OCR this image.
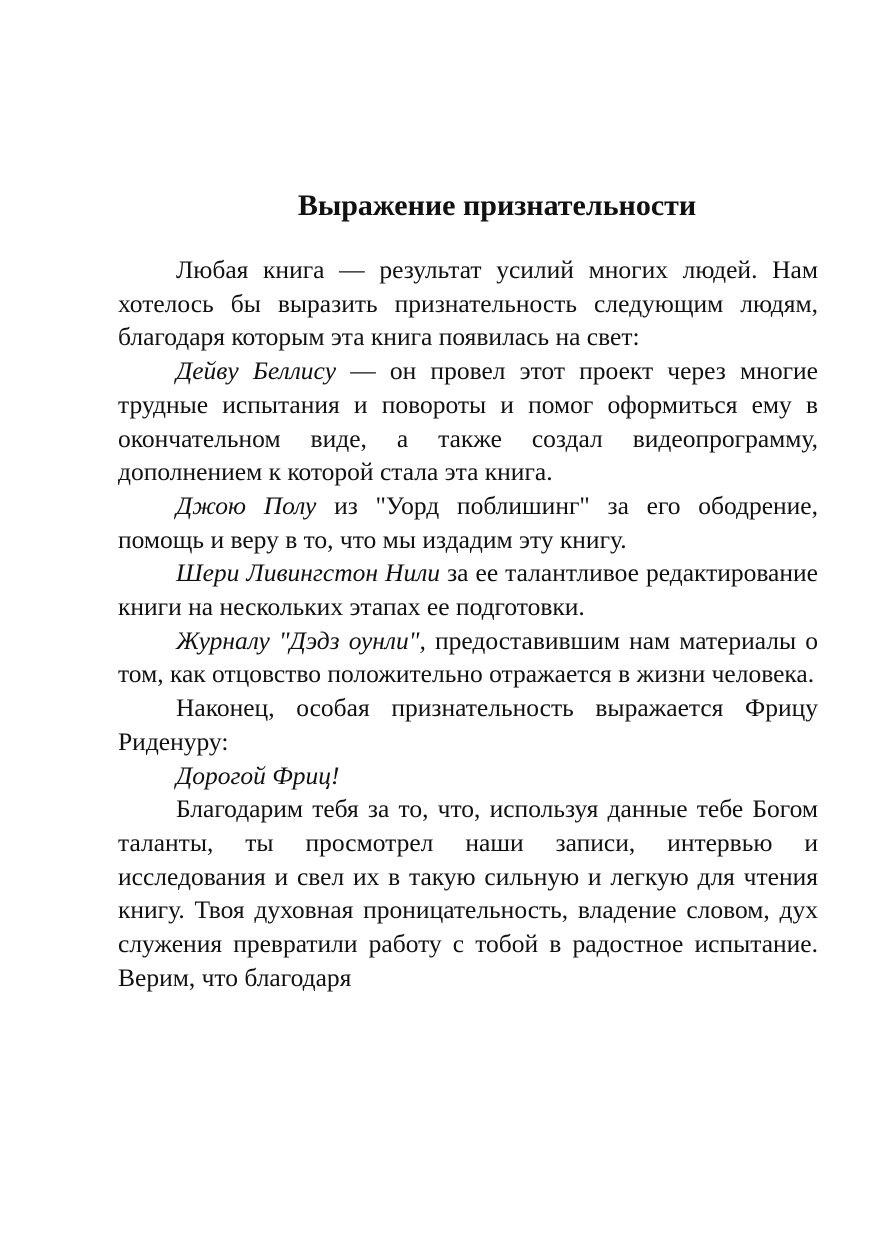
Выражение признательности

Любая книга — результат усилий многих людей. Нам хотелось бы выразить признательность следующим людям, благодаря которым эта книга появилась на свет:

Дейву Беллису — он провел этот проект через многие трудные испытания и повороты и помог оформиться ему в окончательном виде, а также создал видеопрограмму, дополнением к которой стала эта книга.

Джою Полу из "Уорд поблишинг" за его ободрение, помощь и веру в то, что мы издадим эту книгу.

Шери Ливингстон Нили за ее талантливое редактирование книги на нескольких этапах ее подготовки.

Журналу "Дэдз оунли", предоставившим нам материалы о том, как отцовство положительно отражается в жизни человека.

Наконец, особая признательность выражается Фрицу Риденуру:

Дорогой Фриц!

Благодарим тебя за то, что, используя данные тебе Богом таланты, ты просмотрел наши записи, интервью и исследования и свел их в такую сильную и легкую для чтения книгу. Твоя духовная проницательность, владение словом, дух служения превратили работу с тобой в радостное испытание. Верим, что благодаря
